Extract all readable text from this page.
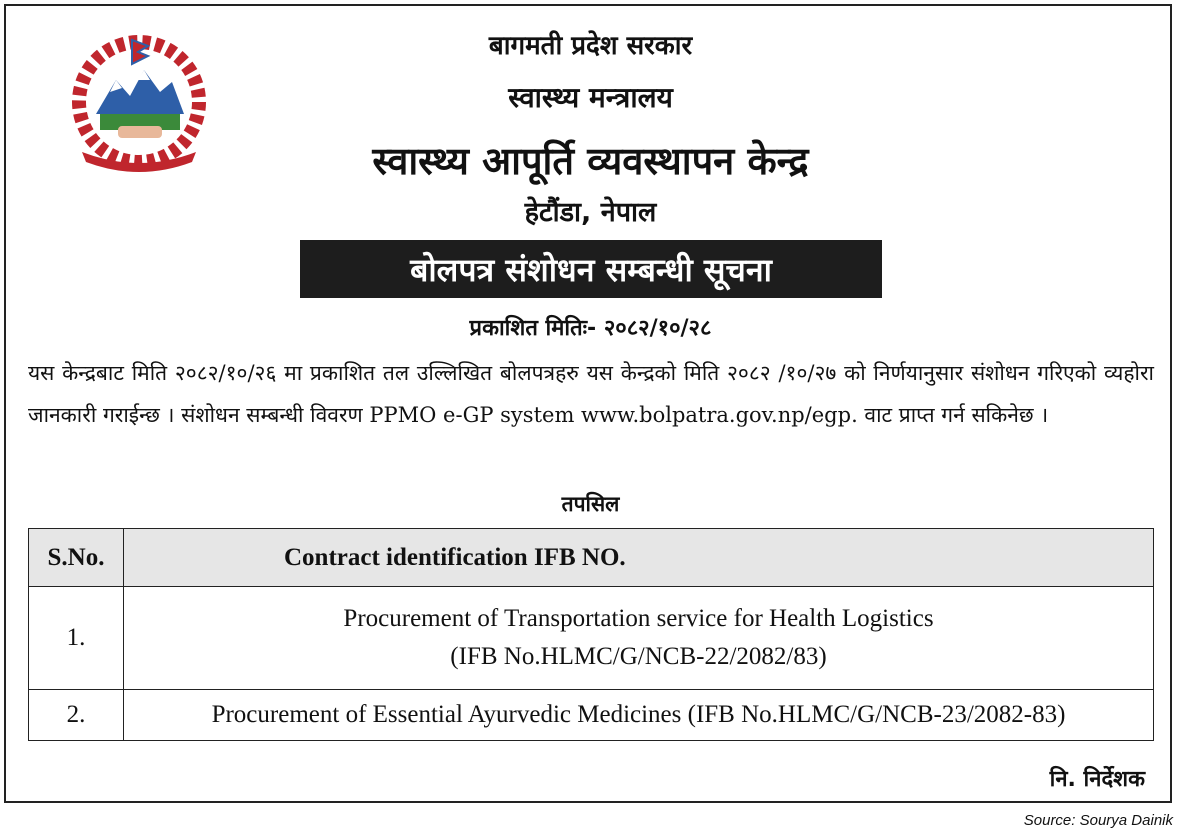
बागमती प्रदेश सरकार
स्वास्थ्य मन्त्रालय
स्वास्थ्य आपूर्ति व्यवस्थापन केन्द्र
हेटौंडा, नेपाल
बोलपत्र संशोधन सम्बन्धी सूचना
प्रकाशित मितिः- २०८२/१०/२८
यस केन्द्रबाट मिति २०८२/१०/२६ मा प्रकाशित तल उल्लिखित बोलपत्रहरु यस केन्द्रको मिति २०८२ /१०/२७ को निर्णयानुसार संशोधन गरिएको व्यहोरा जानकारी गराईन्छ । संशोधन सम्बन्धी विवरण PPMO e-GP system www.bolpatra.gov.np/egp. वाट प्राप्त गर्न सकिनेछ ।
तपसिल
S.No.	Contract identification IFB NO.
1.	Procurement of Transportation service for Health Logistics
(IFB No.HLMC/G/NCB-22/2082/83)

2.	Procurement of Essential Ayurvedic Medicines (IFB No.HLMC/G/NCB-23/2082-83)
नि. निर्देशक
Source: Sourya Dainik
